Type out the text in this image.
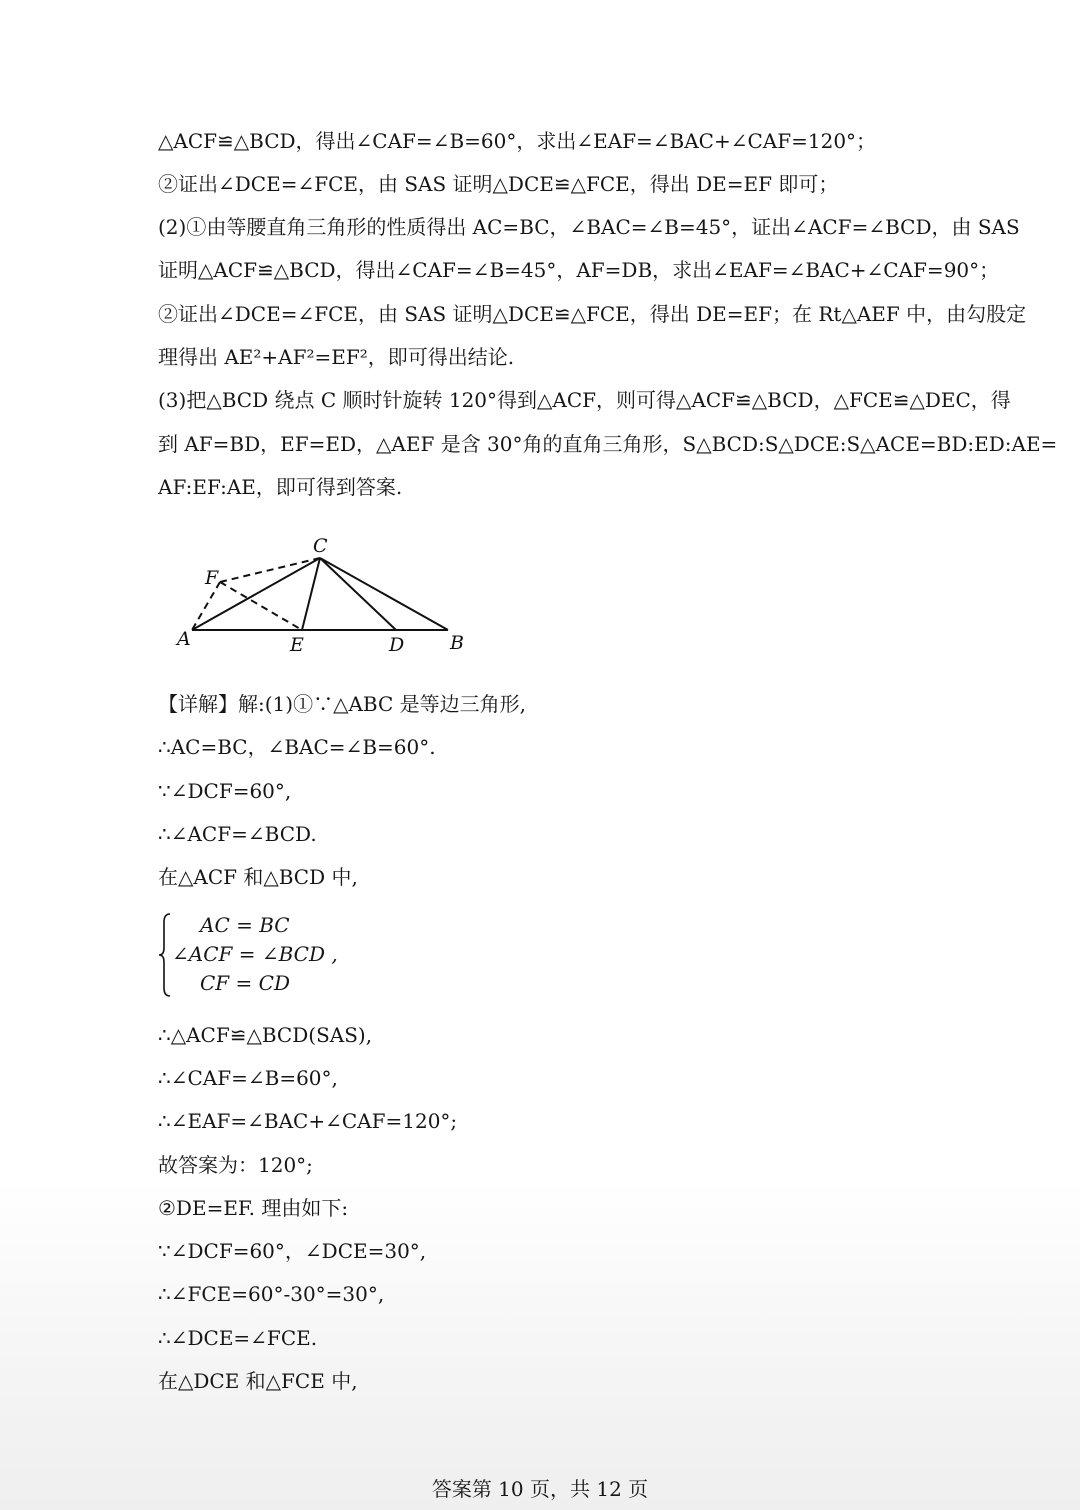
△ACF≌△BCD，得出∠CAF=∠B=60°，求出∠EAF=∠BAC+∠CAF=120°；
②证出∠DCE=∠FCE，由 SAS 证明△DCE≌△FCE，得出 DE=EF 即可；
(2)①由等腰直角三角形的性质得出 AC=BC，∠BAC=∠B=45°，证出∠ACF=∠BCD，由 SAS
证明△ACF≌△BCD，得出∠CAF=∠B=45°，AF=DB，求出∠EAF=∠BAC+∠CAF=90°；
②证出∠DCE=∠FCE，由 SAS 证明△DCE≌△FCE，得出 DE=EF；在 Rt△AEF 中，由勾股定
理得出 AE²+AF²=EF²，即可得出结论.
(3)把△BCD 绕点 C 顺时针旋转 120°得到△ACF，则可得△ACF≌△BCD，△FCE≌△DEC，得
到 AF=BD，EF=ED，△AEF 是含 30°角的直角三角形，S△BCD:S△DCE:S△ACE=BD:ED:AE=
AF:EF:AE，即可得到答案.
C
F
A	E	D B
【详解】解:(1)①∵△ABC 是等边三角形,
∴AC=BC，∠BAC=∠B=60°.
∵∠DCF=60°,
∴∠ACF=∠BCD.
在△ACF 和△BCD 中,
AC = BC
∠ACF = ∠BCD ,
CF = CD
∴△ACF≌△BCD(SAS),
∴∠CAF=∠B=60°,
∴∠EAF=∠BAC+∠CAF=120°;
故答案为：120°;
②DE=EF. 理由如下:
∵∠DCF=60°，∠DCE=30°,
∴∠FCE=60°-30°=30°,
∴∠DCE=∠FCE.
在△DCE 和△FCE 中,
答案第 10 页，共 12 页
